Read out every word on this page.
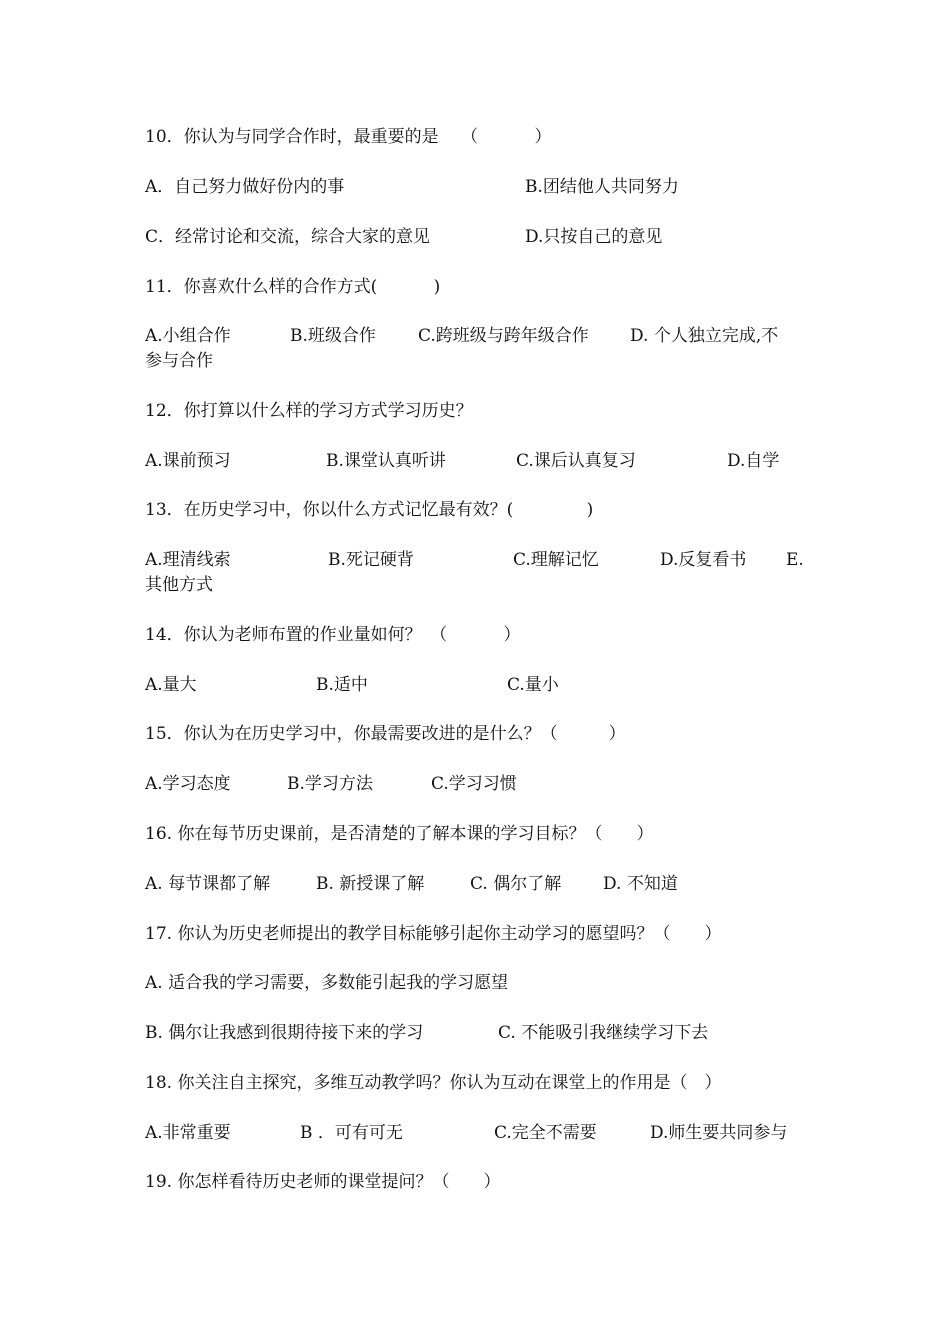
10．你认为与同学合作时，最重要的是　 （　　　 ）
A．自己努力做好份内的事	B.团结他人共同努力
C．经常讨论和交流，综合大家的意见	D.只按自己的意见
11．你喜欢什么样的合作方式(　　　 )
A.小组合作	B.班级合作 C.跨班级与跨年级合作 D. 个人独立完成,不
参与合作
12．你打算以什么样的学习方式学习历史？
A.课前预习	B.课堂认真听讲	C.课后认真复习	D.自学
13．在历史学习中，你以什么方式记忆最有效？(　　　　 )
A.理清线索	B.死记硬背	C.理解记忆	D.反复看书 E.
其他方式
14．你认为老师布置的作业量如何？　（　　　 ）
A.量大	B.适中	C.量小
15．你认为在历史学习中，你最需要改进的是什么？（　　　）
A.学习态度	B.学习方法	C.学习习惯
16. 你在每节历史课前，是否清楚的了解本课的学习目标？（　　）
A. 每节课都了解	B. 新授课了解	C. 偶尔了解 D. 不知道
17. 你认为历史老师提出的教学目标能够引起你主动学习的愿望吗？（　　）
A. 适合我的学习需要，多数能引起我的学习愿望
B. 偶尔让我感到很期待接下来的学习	C. 不能吸引我继续学习下去
18. 你关注自主探究，多维互动教学吗？你认为互动在课堂上的作用是（　）
A.非常重要	B ．可有可无	C.完全不需要	D.师生要共同参与
19. 你怎样看待历史老师的课堂提问？（　　）
